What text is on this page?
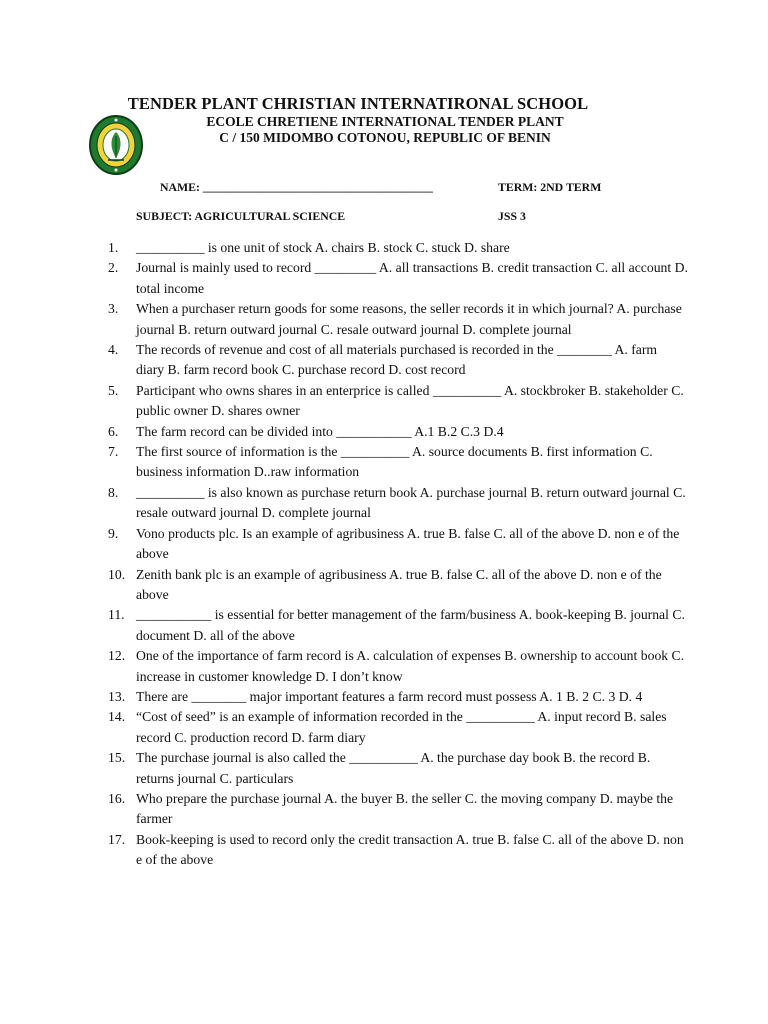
TENDER PLANT CHRISTIAN INTERNATIRONAL SCHOOL
ECOLE CHRETIENE INTERNATIONAL TENDER PLANT
C / 150 MIDOMBO COTONOU, REPUBLIC OF BENIN
NAME: _______________________________________	TERM: 2ND TERM
SUBJECT: AGRICULTURAL SCIENCE	JSS 3
1.	__________ is one unit of stock A. chairs B. stock C. stuck D. share
2.	Journal is mainly used to record _________ A. all transactions B. credit transaction C. all account D. total income
3.	When a purchaser return goods for some reasons, the seller records it in which journal? A. purchase journal B. return outward journal C. resale outward journal D. complete journal
4.	The records of revenue and cost of all materials purchased is recorded in the ________ A. farm diary B. farm record book C. purchase record D. cost record
5.	Participant who owns shares in an enterprice is called __________ A. stockbroker B. stakeholder C. public owner D. shares owner
6.	The farm record can be divided into ___________ A.1 B.2 C.3 D.4
7.	The first source of information is the __________ A. source documents B. first information C. business information D..raw information
8.	__________ is also known as purchase return book A. purchase journal B. return outward journal C. resale outward journal D. complete journal
9.	Vono products plc. Is an example of agribusiness A. true B. false C. all of the above D. non e of the above
10. Zenith bank plc is an example of agribusiness A. true B. false C. all of the above D. non e of the above
11. ___________ is essential for better management of the farm/business A. book-keeping B. journal C. document D. all of the above
12. One of the importance of farm record is A. calculation of expenses B. ownership to account book C. increase in customer knowledge D. I don’t know
13. There are ________ major important features a farm record must possess A. 1 B. 2 C. 3 D. 4
14. “Cost of seed” is an example of information recorded in the __________ A. input record B. sales record C. production record D. farm diary
15. The purchase journal is also called the __________ A. the purchase day book B. the record B. returns journal C. particulars
16. Who prepare the purchase journal A. the buyer B. the seller C. the moving company D. maybe the farmer
17. Book-keeping is used to record only the credit transaction A. true B. false C. all of the above D. non e of the above
